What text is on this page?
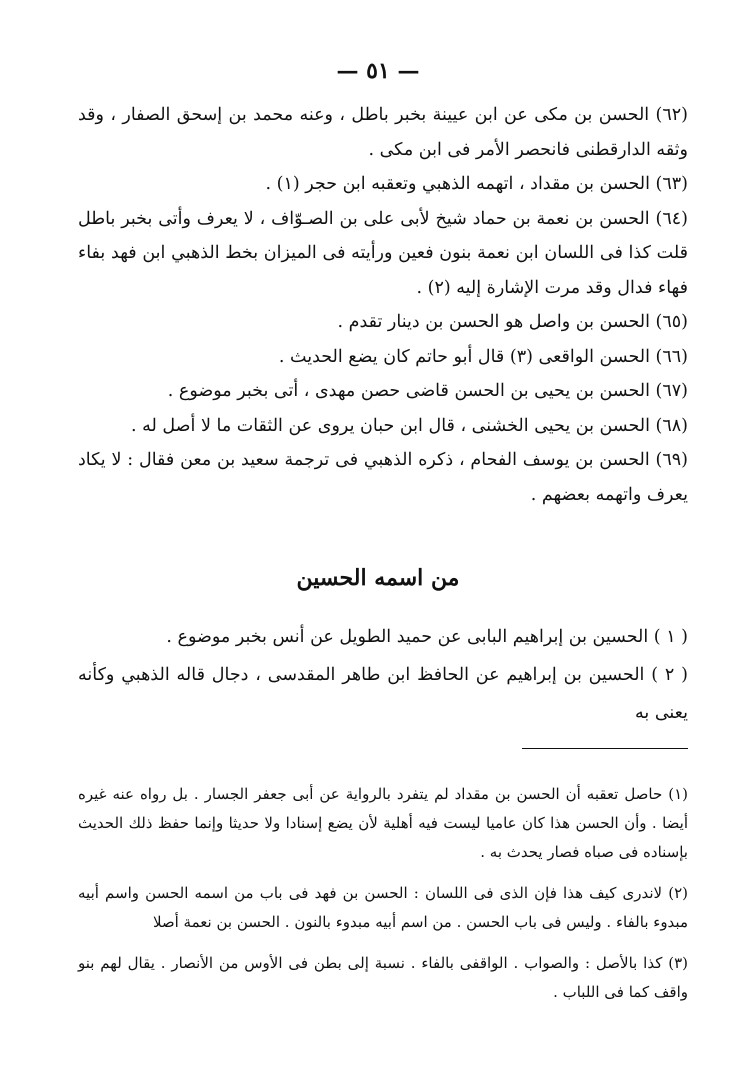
— ٥١ —

(٦٢) الحسن بن مكى عن ابن عيينة بخبر باطل ، وعنه محمد بن إسحق الصفار ، وقد وثقه الدارقطنى فانحصر الأمر فى ابن مكى .

(٦٣) الحسن بن مقداد ، اتهمه الذهبي وتعقبه ابن حجر (١) .

(٦٤) الحسن بن نعمة بن حماد شيخ لأبى على بن الصـوّاف ، لا يعرف وأتى بخبر باطل قلت كذا فى اللسان ابن نعمة بنون فعين ورأيته فى الميزان بخط الذهبي ابن فهد بفاء فهاء فدال وقد مرت الإشارة إليه (٢) .

(٦٥) الحسن بن واصل هو الحسن بن دينار تقدم .

(٦٦) الحسن الواقعى (٣) قال أبو حاتم كان يضع الحديث .

(٦٧) الحسن بن يحيى بن الحسن قاضى حصن مهدى ، أتى بخبر موضوع .

(٦٨) الحسن بن يحيى الخشنى ، قال ابن حبان يروى عن الثقات ما لا أصل له .

(٦٩) الحسن بن يوسف الفحام ، ذكره الذهبي فى ترجمة سعيد بن معن فقال : لا يكاد يعرف واتهمه بعضهم .

من اسمه الحسين

( ١ ) الحسين بن إبراهيم البابى عن حميد الطويل عن أنس بخبر موضوع .

( ٢ ) الحسين بن إبراهيم عن الحافظ ابن طاهر المقدسى ، دجال قاله الذهبي وكأنه يعنى به

(١) حاصل تعقبه أن الحسن بن مقداد لم يتفرد بالرواية عن أبى جعفر الجسار . بل رواه عنه غيره أيضا . وأن الحسن هذا كان عاميا ليست فيه أهلية لأن يضع إسنادا ولا حديثا وإنما حفظ ذلك الحديث بإسناده فى صباه فصار يحدث به .

(٢) لاندرى كيف هذا فإن الذى فى اللسان : الحسن بن فهد فى باب من اسمه الحسن واسم أبيه مبدوء بالفاء . وليس فى باب الحسن . من اسم أبيه مبدوء بالنون . الحسن بن نعمة أصلا

(٣) كذا بالأصل : والصواب . الواقفى بالفاء . نسبة إلى بطن فى الأوس من الأنصار . يقال لهم بنو واقف كما فى اللباب .
